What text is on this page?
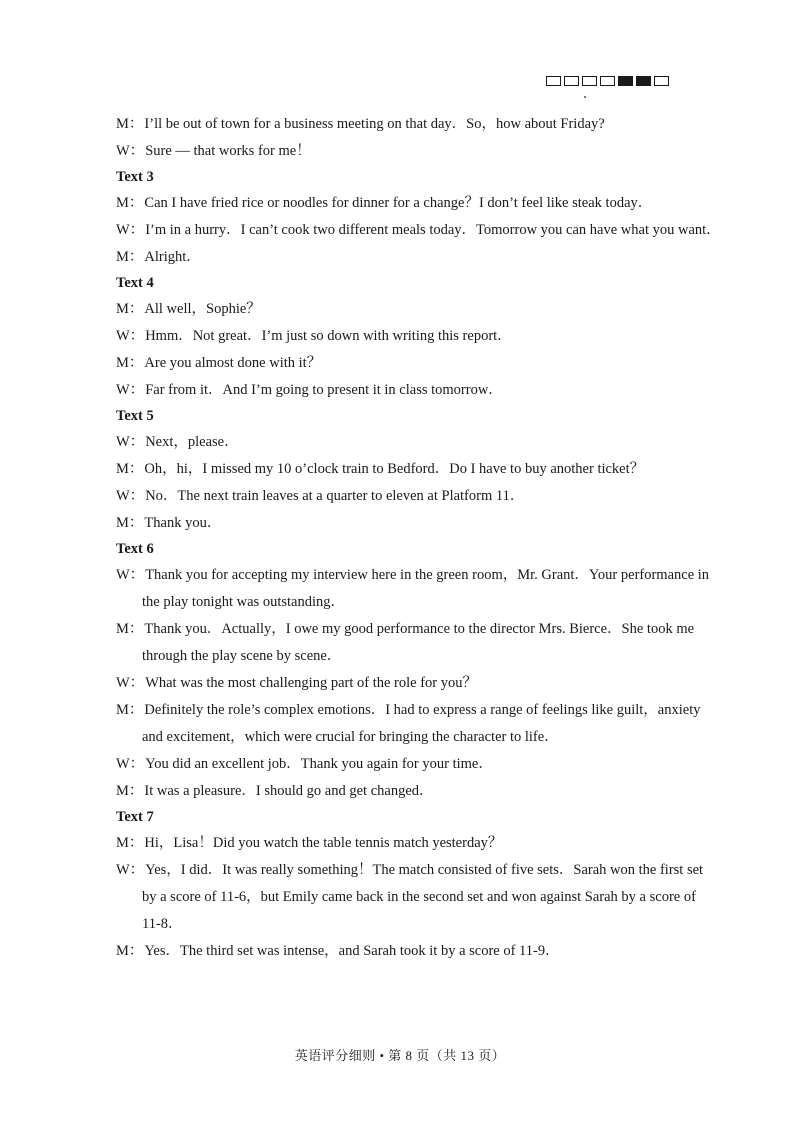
M：I’ll be out of town for a business meeting on that day．So，how about Friday?
W：Sure — that works for me！
Text 3
M：Can I have fried rice or noodles for dinner for a change？I don’t feel like steak today．
W：I’m in a hurry．I can’t cook two different meals today．Tomorrow you can have what you want．
M：Alright．
Text 4
M：All well，Sophie？
W：Hmm．Not great．I’m just so down with writing this report．
M：Are you almost done with it？
W：Far from it．And I’m going to present it in class tomorrow．
Text 5
W：Next，please．
M：Oh，hi，I missed my 10 o’clock train to Bedford．Do I have to buy another ticket？
W：No．The next train leaves at a quarter to eleven at Platform 11．
M：Thank you．
Text 6
W：Thank you for accepting my interview here in the green room，Mr. Grant．Your performance in
the play tonight was outstanding．
M：Thank you．Actually，I owe my good performance to the director Mrs. Bierce．She took me
through the play scene by scene．
W：What was the most challenging part of the role for you？
M：Definitely the role’s complex emotions．I had to express a range of feelings like guilt，anxiety
and excitement，which were crucial for bringing the character to life．
W：You did an excellent job．Thank you again for your time．
M：It was a pleasure．I should go and get changed．
Text 7
M：Hi，Lisa！Did you watch the table tennis match yesterday？
W：Yes，I did．It was really something！The match consisted of five sets．Sarah won the first set
by a score of 11-6，but Emily came back in the second set and won against Sarah by a score of
11-8．
M：Yes．The third set was intense，and Sarah took it by a score of 11-9．
英语评分细则 • 第 8 页（共 13 页）
